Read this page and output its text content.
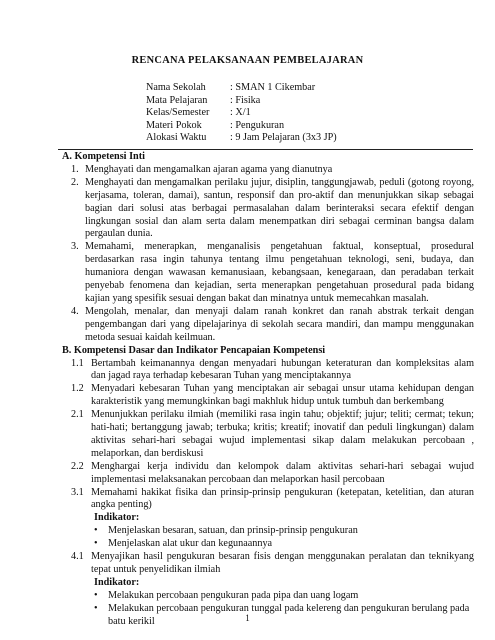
RENCANA PELAKSANAAN PEMBELAJARAN
Nama Sekolah	: SMAN 1 Cikembar
Mata Pelajaran	: Fisika
Kelas/Semester	: X/1
Materi Pokok	: Pengukuran
Alokasi Waktu	: 9 Jam Pelajaran (3x3 JP)
A. Kompetensi Inti
1. Menghayati dan mengamalkan ajaran agama yang dianutnya
2. Menghayati dan mengamalkan perilaku jujur, disiplin, tanggungjawab, peduli (gotong royong, kerjasama, toleran, damai), santun, responsif dan pro-aktif dan menunjukkan sikap sebagai bagian dari solusi atas berbagai permasalahan dalam berinteraksi secara efektif dengan lingkungan sosial dan alam serta dalam menempatkan diri sebagai cerminan bangsa dalam pergaulan dunia.
3. Memahami, menerapkan, menganalisis pengetahuan faktual, konseptual, prosedural berdasarkan rasa ingin tahunya tentang ilmu pengetahuan teknologi, seni, budaya, dan humaniora dengan wawasan kemanusiaan, kebangsaan, kenegaraan, dan peradaban terkait penyebab fenomena dan kejadian, serta menerapkan pengetahuan prosedural pada bidang kajian yang spesifik sesuai dengan bakat dan minatnya untuk memecahkan masalah.
4. Mengolah, menalar, dan menyaji dalam ranah konkret dan ranah abstrak terkait dengan pengembangan dari yang dipelajarinya di sekolah secara mandiri, dan mampu menggunakan metoda sesuai kaidah keilmuan.
B. Kompetensi Dasar dan Indikator Pencapaian Kompetensi
1.1 Bertambah keimanannya dengan menyadari hubungan keteraturan dan kompleksitas alam dan jagad raya terhadap kebesaran Tuhan yang menciptakannya
1.2 Menyadari kebesaran Tuhan yang menciptakan air sebagai unsur utama kehidupan dengan karakteristik yang memungkinkan bagi makhluk hidup untuk tumbuh dan berkembang
2.1 Menunjukkan perilaku ilmiah (memiliki rasa ingin tahu; objektif; jujur; teliti; cermat; tekun; hati-hati; bertanggung jawab; terbuka; kritis; kreatif; inovatif dan peduli lingkungan) dalam aktivitas sehari-hari sebagai wujud implementasi sikap dalam melakukan percobaan , melaporkan, dan berdiskusi
2.2 Menghargai kerja individu dan kelompok dalam aktivitas sehari-hari sebagai wujud implementasi melaksanakan percobaan dan melaporkan hasil percobaan
3.1 Memahami hakikat fisika dan prinsip-prinsip pengukuran (ketepatan, ketelitian, dan aturan angka penting)
Indikator:
•	Menjelaskan besaran, satuan, dan prinsip-prinsip pengukuran
•	Menjelaskan alat ukur dan kegunaannya
4.1 Menyajikan hasil pengukuran besaran fisis dengan menggunakan peralatan dan teknikyang tepat untuk penyelidikan ilmiah
Indikator:
•	Melakukan percobaan pengukuran pada pipa dan uang logam
•	Melakukan percobaan pengukuran tunggal pada kelereng dan pengukuran berulang pada batu kerikil	1
